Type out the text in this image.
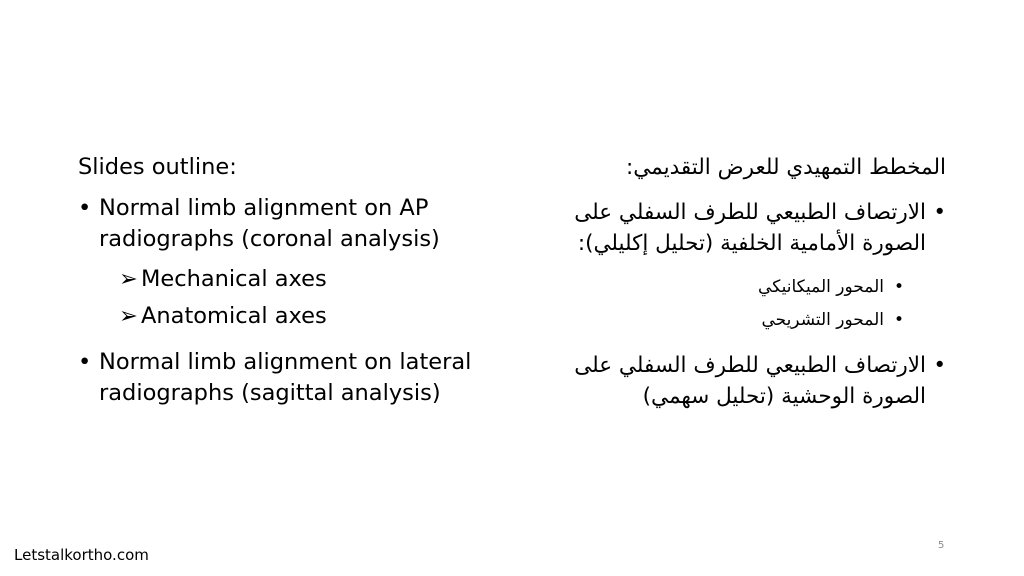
Slides outline:
• Normal limb alignment on AP radiographs (coronal analysis)
➢ Mechanical axes
➢ Anatomical axes
• Normal limb alignment on lateral radiographs (sagittal analysis)
المخطط التمهيدي للعرض التقديمي:
•
الارتصاف الطبيعي للطرف السفلي على الصورة الأمامية الخلفية (تحليل إكليلي):
•
المحور الميكانيكي
•
المحور التشريحي
•
الارتصاف الطبيعي للطرف السفلي على الصورة الوحشية (تحليل سهمي)
Letstalkortho.com
5
